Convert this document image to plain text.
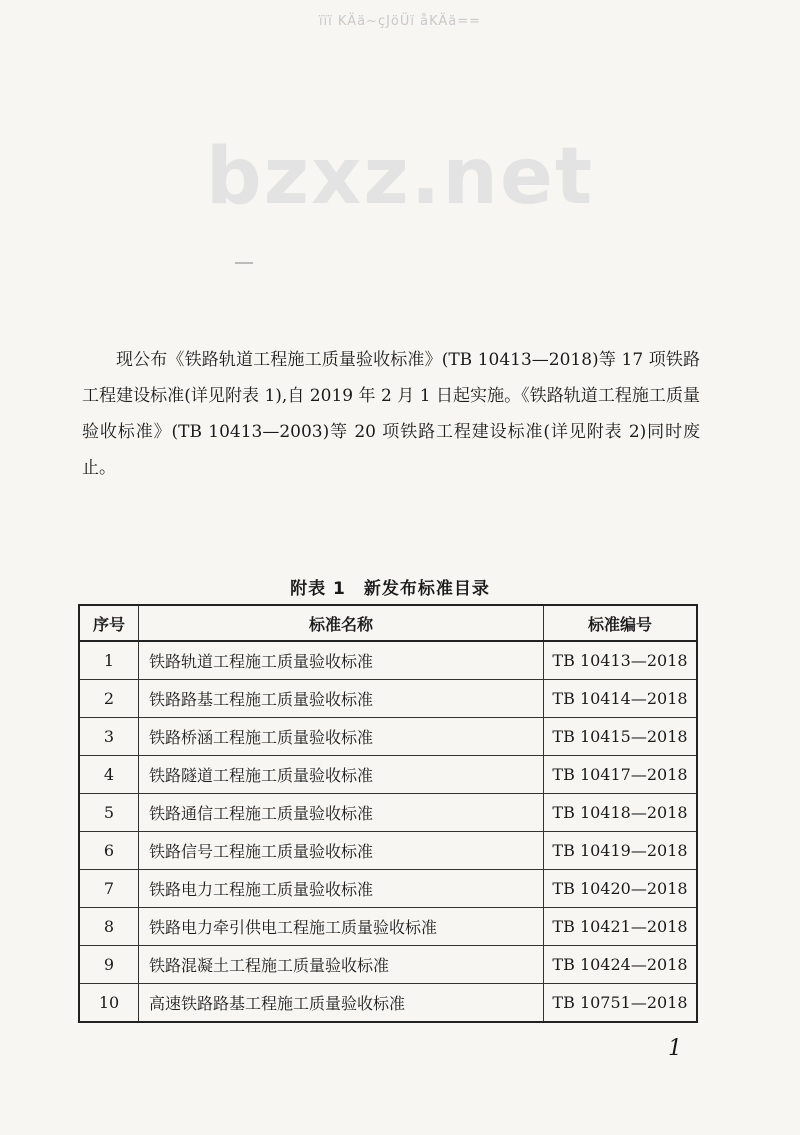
ïïï KÄä~çJöÜï åKÄä==
bzxz.net

现公布《铁路轨道工程施工质量验收标准》(TB 10413—2018)等 17 项铁路工程建设标准(详见附表 1),自 2019 年 2 月 1 日起实施。《铁路轨道工程施工质量验收标准》(TB 10413—2003)等 20 项铁路工程建设标准(详见附表 2)同时废止。

附表 1　新发布标准目录
序号	标准名称	标准编号
1	铁路轨道工程施工质量验收标准	TB 10413—2018
2	铁路路基工程施工质量验收标准	TB 10414—2018
3	铁路桥涵工程施工质量验收标准	TB 10415—2018
4	铁路隧道工程施工质量验收标准	TB 10417—2018
5	铁路通信工程施工质量验收标准	TB 10418—2018
6	铁路信号工程施工质量验收标准	TB 10419—2018
7	铁路电力工程施工质量验收标准	TB 10420—2018
8	铁路电力牵引供电工程施工质量验收标准	TB 10421—2018
9	铁路混凝土工程施工质量验收标准	TB 10424—2018
10	高速铁路路基工程施工质量验收标准	TB 10751—2018
1
